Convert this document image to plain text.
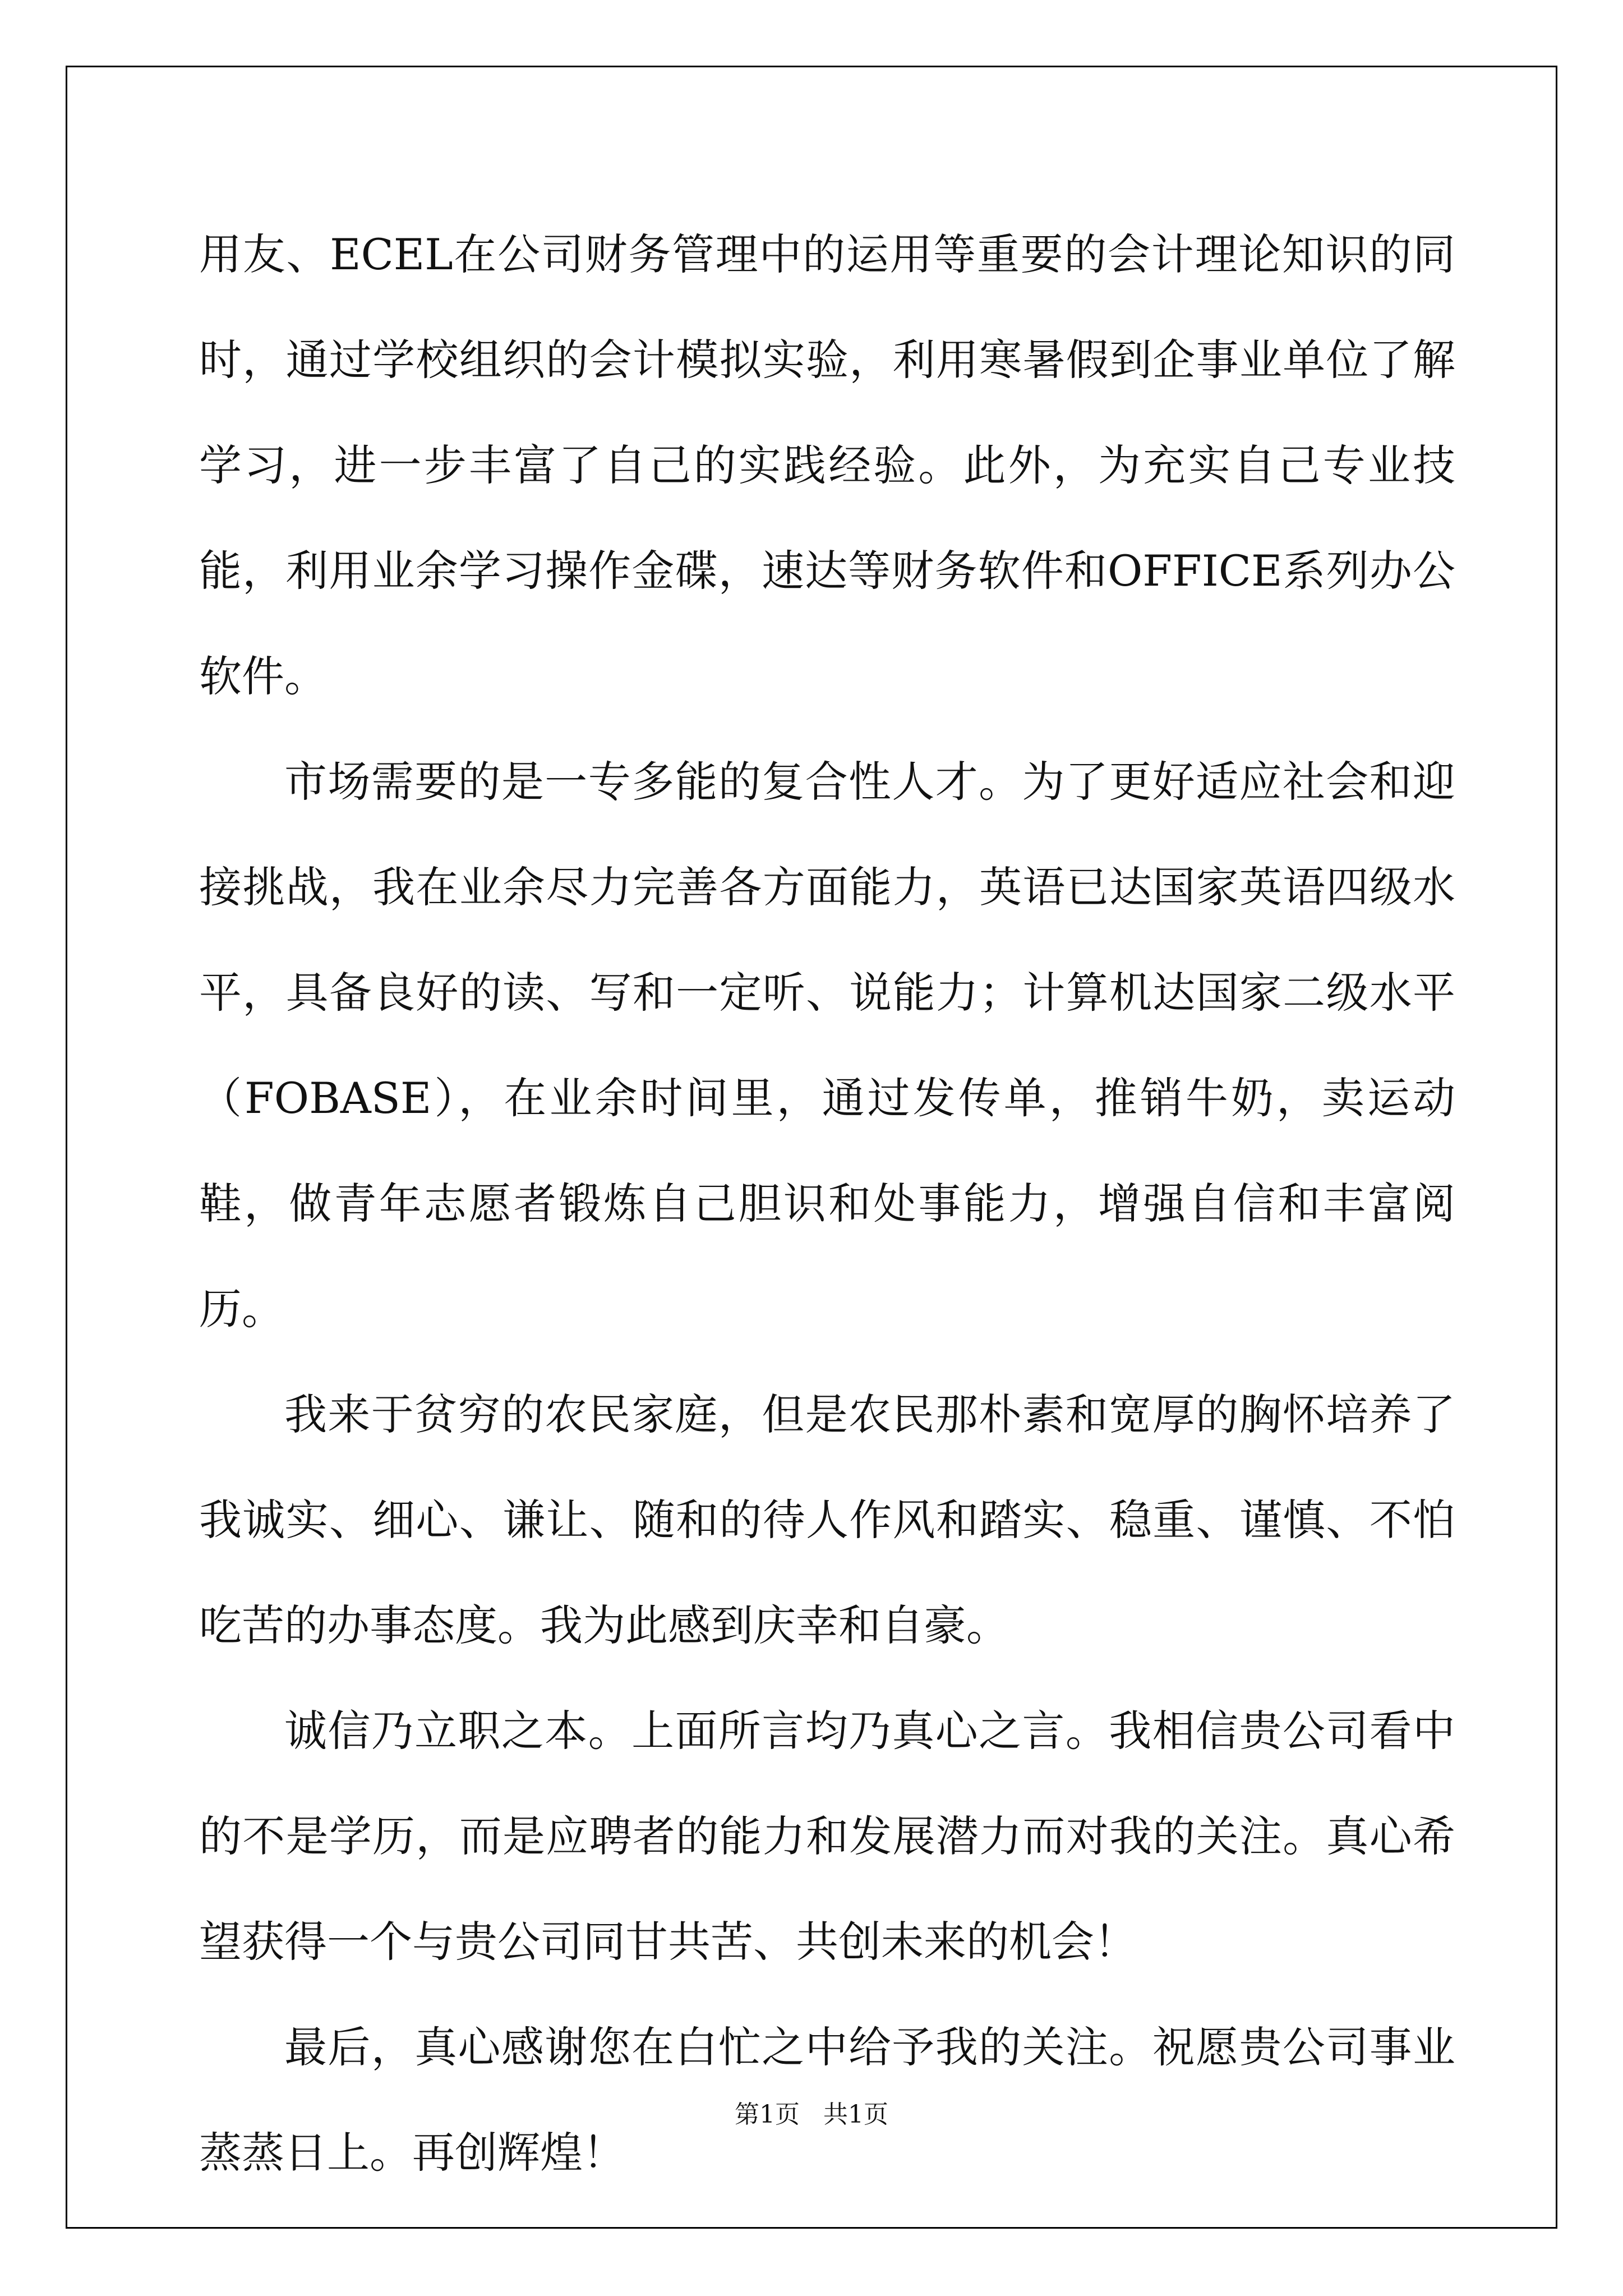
用友、ECEL在公司财务管理中的运用等重要的会计理论知识的同时，通过学校组织的会计模拟实验，利用寒暑假到企事业单位了解学习，进一步丰富了自己的实践经验。此外，为充实自己专业技能，利用业余学习操作金碟，速达等财务软件和OFFICE系列办公软件。

市场需要的是一专多能的复合性人才。为了更好适应社会和迎接挑战，我在业余尽力完善各方面能力，英语已达国家英语四级水平，具备良好的读、写和一定听、说能力；计算机达国家二级水平（FOBASE），在业余时间里，通过发传单，推销牛奶，卖运动鞋，做青年志愿者锻炼自己胆识和处事能力，增强自信和丰富阅历。

我来于贫穷的农民家庭，但是农民那朴素和宽厚的胸怀培养了我诚实、细心、谦让、随和的待人作风和踏实、稳重、谨慎、不怕吃苦的办事态度。我为此感到庆幸和自豪。

诚信乃立职之本。上面所言均乃真心之言。我相信贵公司看中的不是学历，而是应聘者的能力和发展潜力而对我的关注。真心希望获得一个与贵公司同甘共苦、共创未来的机会！

最后，真心感谢您在白忙之中给予我的关注。祝愿贵公司事业蒸蒸日上。再创辉煌！

第1页   共1页
